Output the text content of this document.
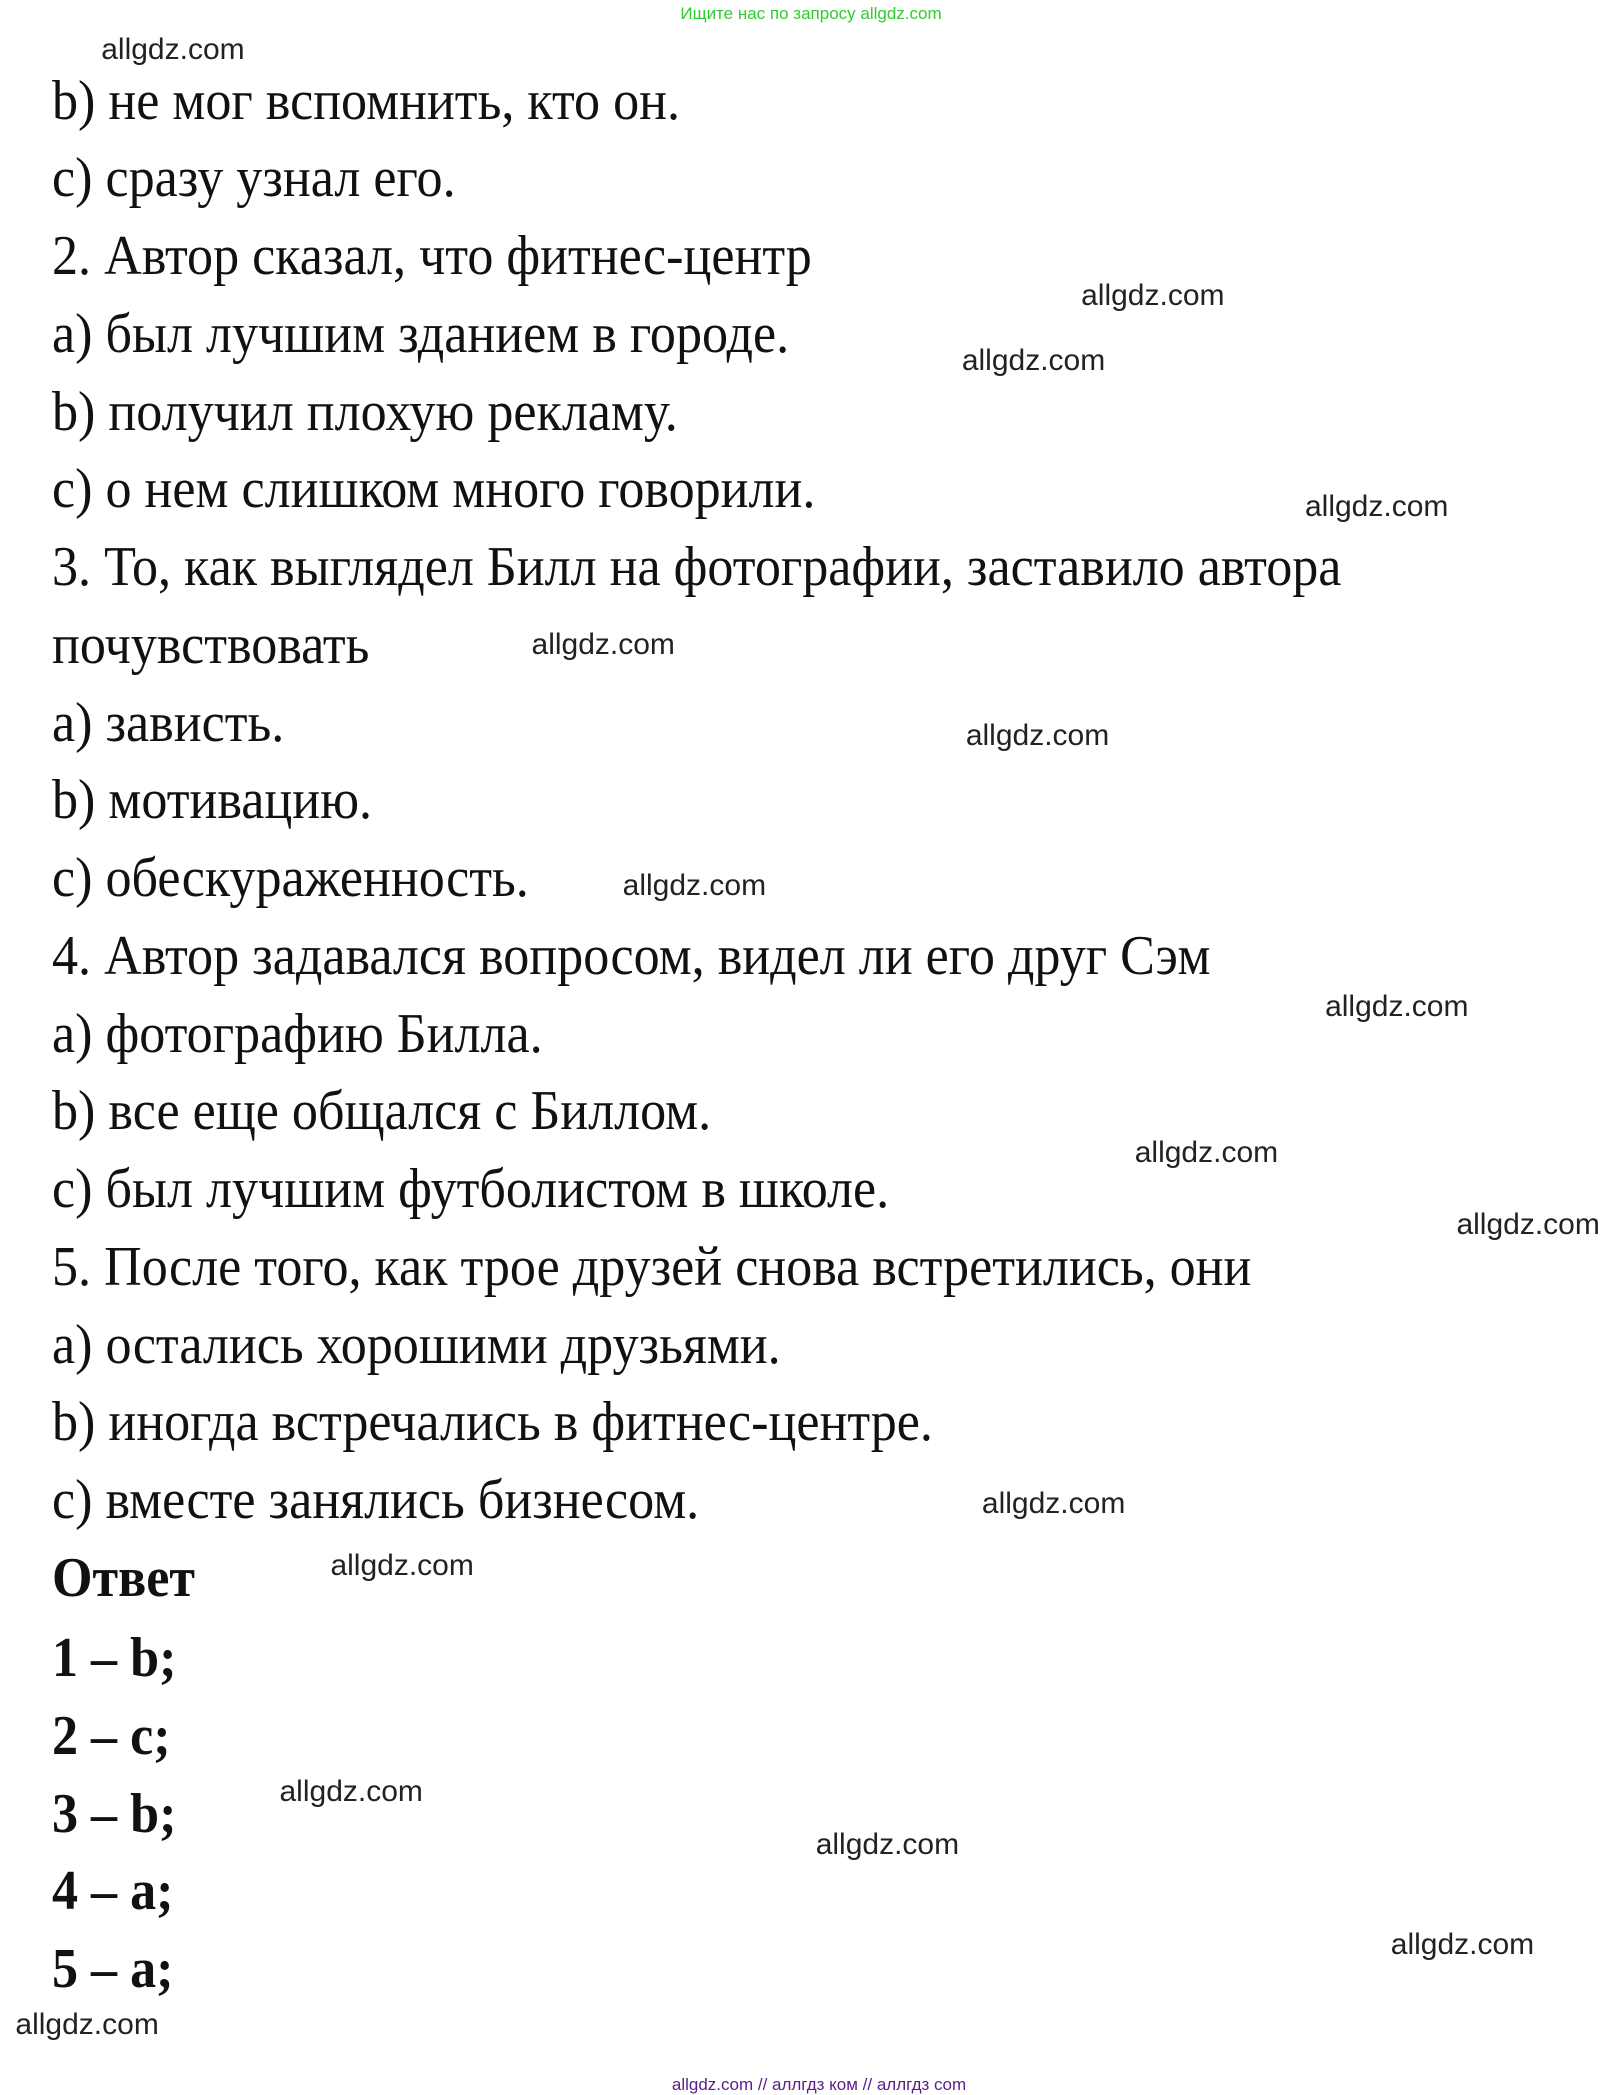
Ищите нас по запросу allgdz.com
b) не мог вспомнить, кто он.
c) сразу узнал его.
2. Автор сказал, что фитнес-центр
a) был лучшим зданием в городе.
b) получил плохую рекламу.
c) о нем слишком много говорили.
3. То, как выглядел Билл на фотографии, заставило автора
почувствовать
a) зависть.
b) мотивацию.
c) обескураженность.
4. Автор задавался вопросом, видел ли его друг Сэм
a) фотографию Билла.
b) все еще общался с Биллом.
c) был лучшим футболистом в школе.
5. После того, как трое друзей снова встретились, они
a) остались хорошими друзьями.
b) иногда встречались в фитнес-центре.
c) вместе занялись бизнесом.
Ответ
1 – b;
2 – c;
3 – b;
4 – a;
5 – a;
allgdz.com
allgdz.com
allgdz.com
allgdz.com
allgdz.com
allgdz.com
allgdz.com
allgdz.com
allgdz.com
allgdz.com
allgdz.com
allgdz.com
allgdz.com
allgdz.com
allgdz.com
allgdz.com
allgdz.com // аллгдз ком // аллгдз com
